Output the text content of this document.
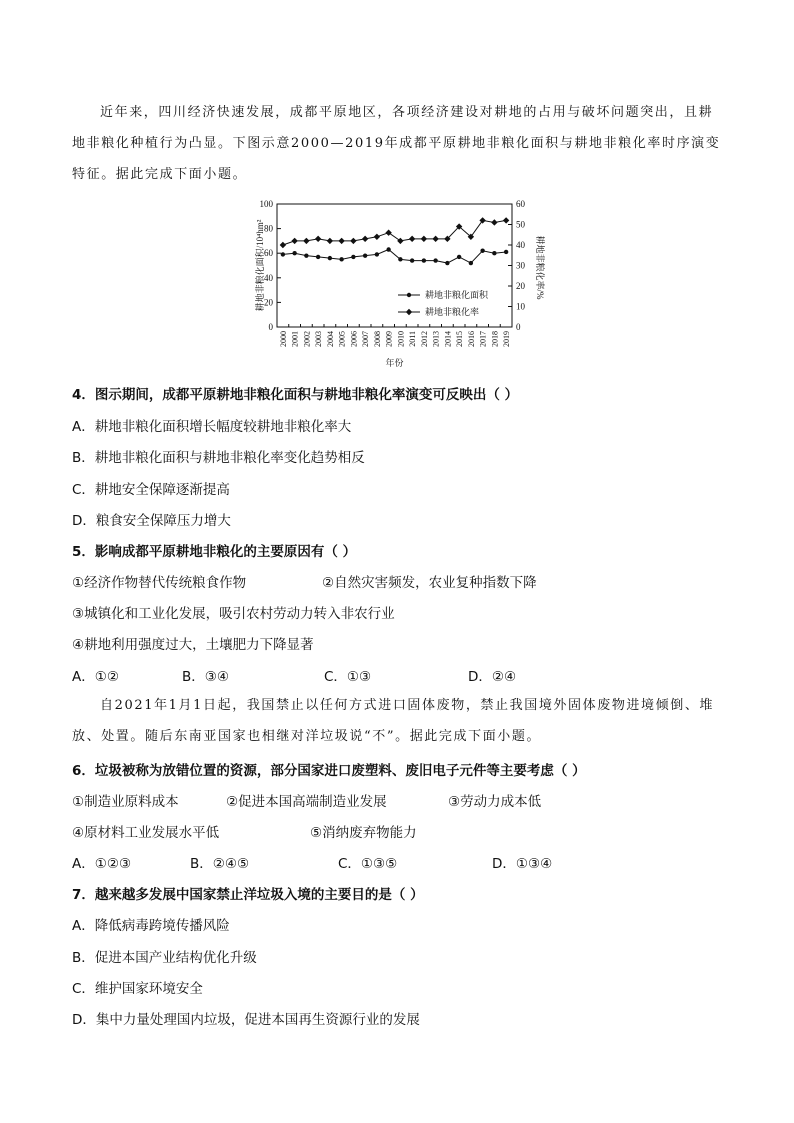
近年来，四川经济快速发展，成都平原地区，各项经济建设对耕地的占用与破坏问题突出，且耕地非粮化种植行为凸显。下图示意2000—2019年成都平原耕地非粮化面积与耕地非粮化率时序演变特征。据此完成下面小题。

0
20
40
60
80
100
0
10
20
30
40
50
60
2000 2001 2002 2003 2004 2005 2006 2007 2008 2009 2010 2011 2012 2013 2014 2015 2016 2017 2018 2019
耕地非粮化面积/10⁴hm²	耕地非粮化率/%
年份
耕地非粮化面积
耕地非粮化率
4．图示期间，成都平原耕地非粮化面积与耕地非粮化率演变可反映出（ ）
A．耕地非粮化面积增长幅度较耕地非粮化率大
B．耕地非粮化面积与耕地非粮化率变化趋势相反
C．耕地安全保障逐渐提高
D．粮食安全保障压力增大
5．影响成都平原耕地非粮化的主要原因有（ ）
①经济作物替代传统粮食作物	②自然灾害频发，农业复种指数下降
③城镇化和工业化发展，吸引农村劳动力转入非农行业
④耕地利用强度过大，土壤肥力下降显著
A．①②	B．③④	C．①③	D．②④

自2021年1月1日起，我国禁止以任何方式进口固体废物，禁止我国境外固体废物进境倾倒、堆放、处置。随后东南亚国家也相继对洋垃圾说“不”。据此完成下面小题。

6．垃圾被称为放错位置的资源，部分国家进口废塑料、废旧电子元件等主要考虑（ ）
①制造业原料成本	②促进本国高端制造业发展	③劳动力成本低
④原材料工业发展水平低	⑤消纳废弃物能力
A．①②③	B．②④⑤	C．①③⑤	D．①③④
7．越来越多发展中国家禁止洋垃圾入境的主要目的是（ ）
A．降低病毒跨境传播风险
B．促进本国产业结构优化升级
C．维护国家环境安全
D．集中力量处理国内垃圾，促进本国再生资源行业的发展
